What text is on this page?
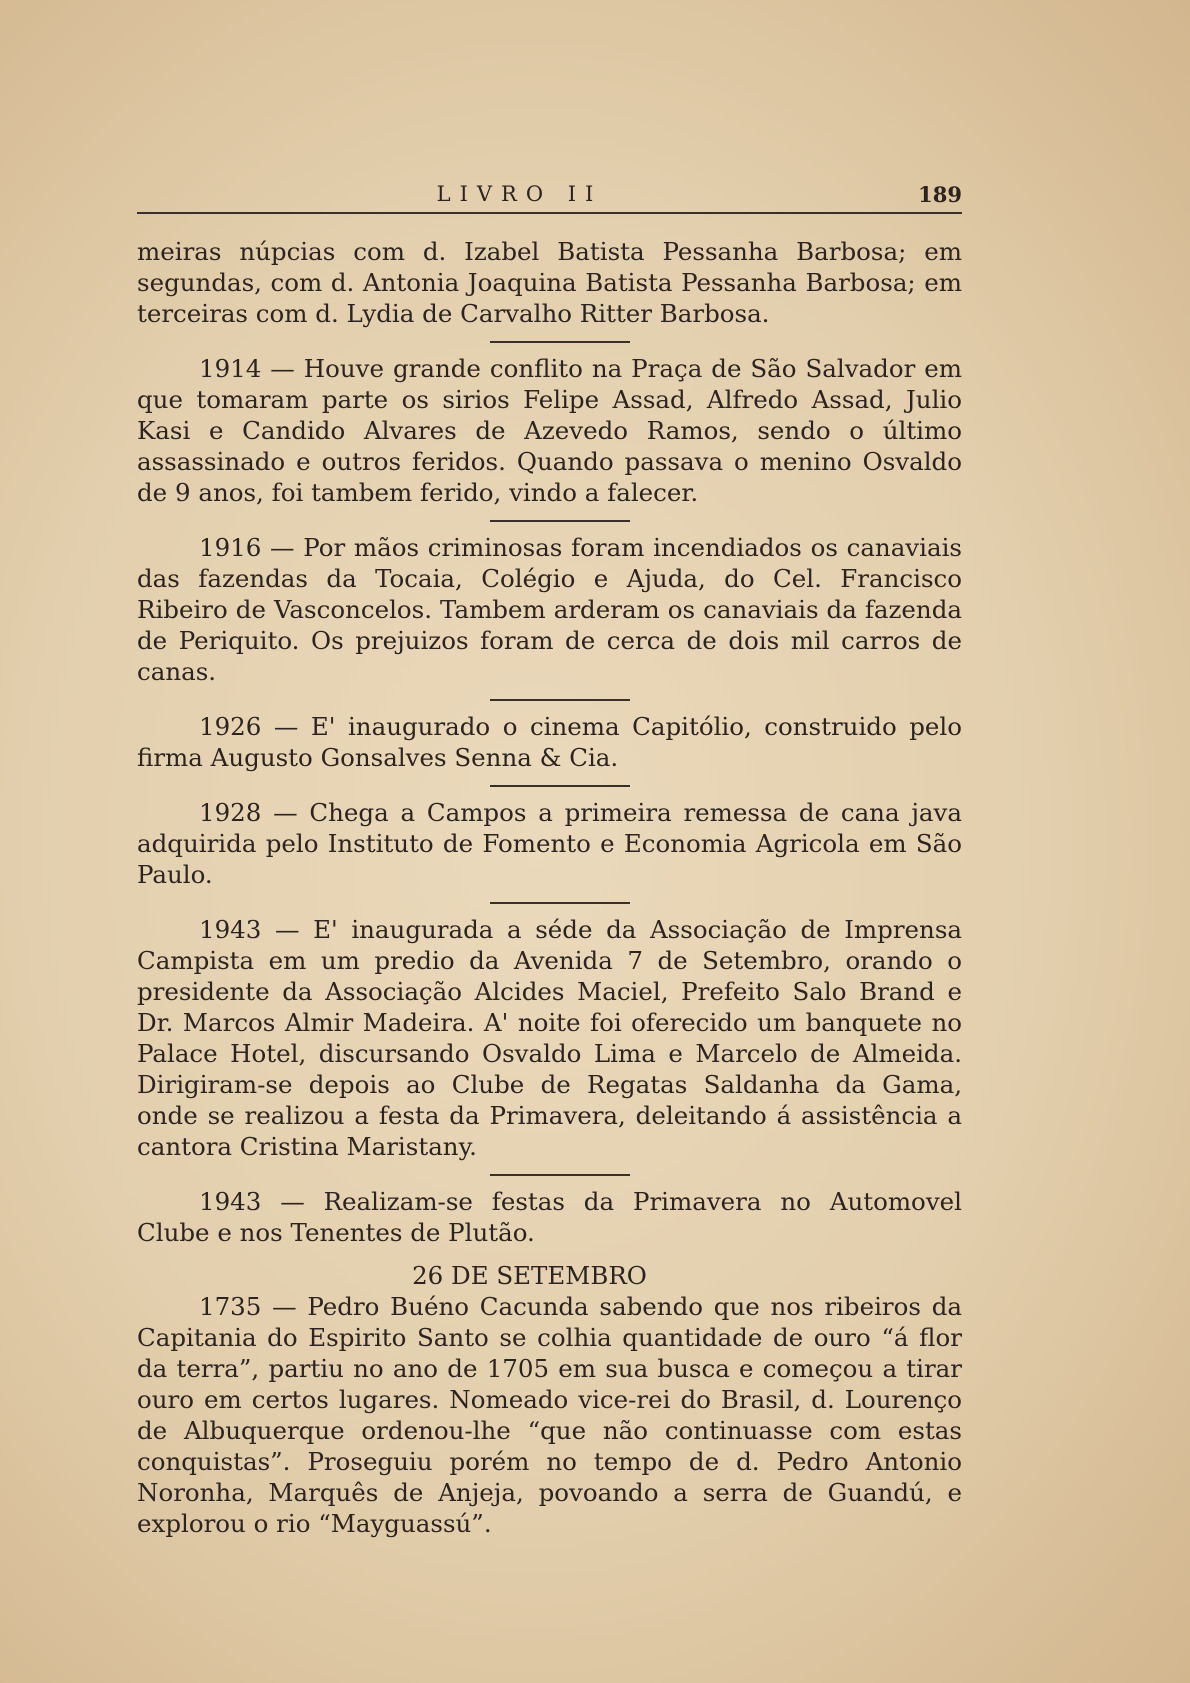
LIVRO II	189

meiras núpcias com d. Izabel Batista Pessanha Barbosa; em segundas, com d. Antonia Joaquina Batista Pessanha Barbosa; em terceiras com d. Lydia de Carvalho Ritter Barbosa.

1914 — Houve grande conflito na Praça de São Salvador em que tomaram parte os sirios Felipe Assad, Alfredo Assad, Julio Kasi e Candido Alvares de Azevedo Ramos, sendo o último assassinado e outros feridos. Quando passava o menino Osvaldo de 9 anos, foi tambem ferido, vindo a falecer.

1916 — Por mãos criminosas foram incendiados os canaviais das fazendas da Tocaia, Colégio e Ajuda, do Cel. Francisco Ribeiro de Vasconcelos. Tambem arderam os canaviais da fazenda de Periquito. Os prejuizos foram de cerca de dois mil carros de canas.

1926 — E' inaugurado o cinema Capitólio, construido pelo firma Augusto Gonsalves Senna & Cia.

1928 — Chega a Campos a primeira remessa de cana java adquirida pelo Instituto de Fomento e Economia Agricola em São Paulo.

1943 — E' inaugurada a séde da Associação de Imprensa Campista em um predio da Avenida 7 de Setembro, orando o presidente da Associação Alcides Maciel, Prefeito Salo Brand e Dr. Marcos Almir Madeira. A' noite foi oferecido um banquete no Palace Hotel, discursando Osvaldo Lima e Marcelo de Almeida. Dirigiram-se depois ao Clube de Regatas Saldanha da Gama, onde se realizou a festa da Primavera, deleitando á assistência a cantora Cristina Maristany.

1943 — Realizam-se festas da Primavera no Automovel Clube e nos Tenentes de Plutão.

26 DE SETEMBRO

1735 — Pedro Buéno Cacunda sabendo que nos ribeiros da Capitania do Espirito Santo se colhia quantidade de ouro “á flor da terra”, partiu no ano de 1705 em sua busca e começou a tirar ouro em certos lugares. Nomeado vice-rei do Brasil, d. Lourenço de Albuquerque ordenou-lhe “que não continuasse com estas conquistas”. Proseguiu porém no tempo de d. Pedro Antonio Noronha, Marquês de Anjeja, povoando a serra de Guandú, e explorou o rio “Mayguassú”.
